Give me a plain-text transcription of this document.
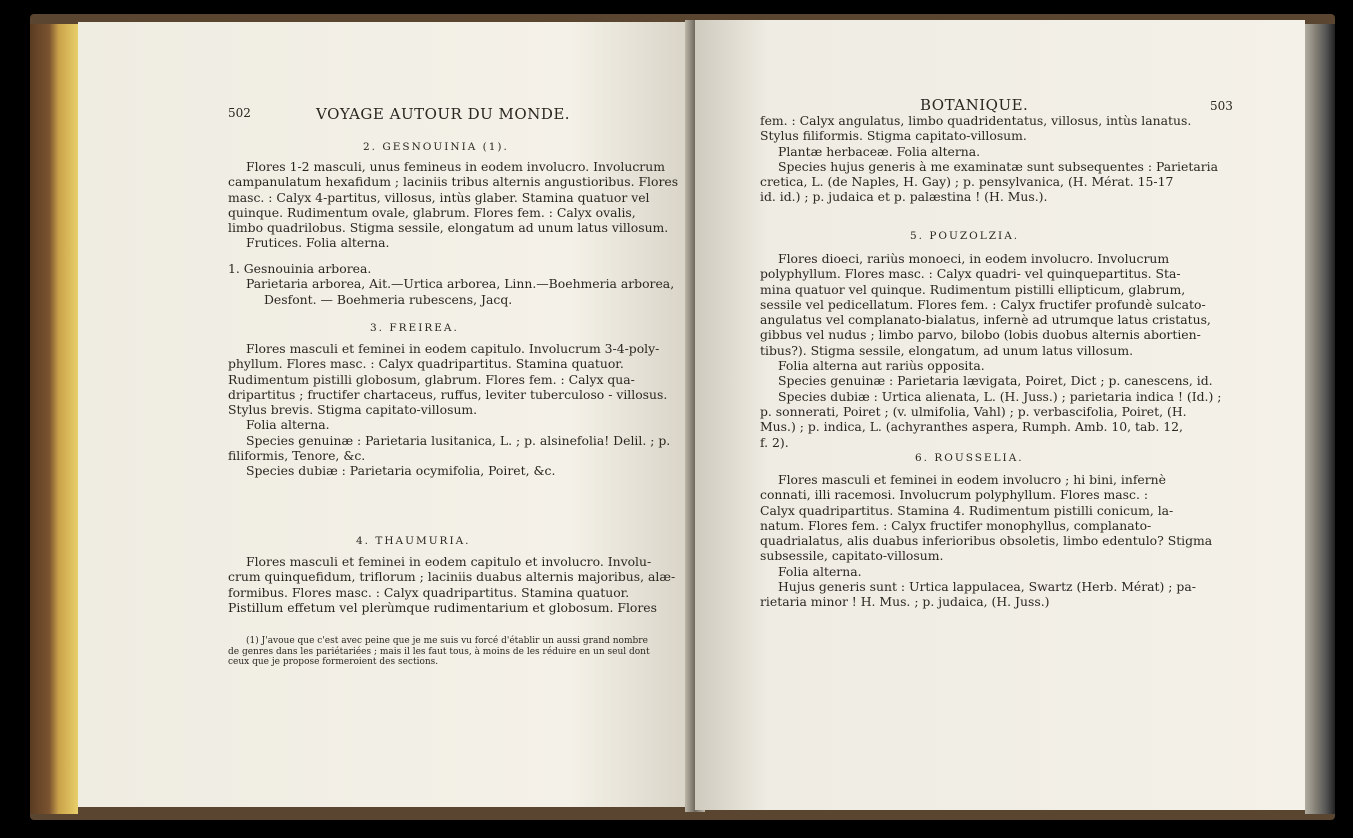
502	VOYAGE AUTOUR DU MONDE.
2. GESNOUINIA (1).
Flores 1-2 masculi, unus femineus in eodem involucro. Involucrum
campanulatum hexafidum ; laciniis tribus alternis angustioribus. Flores
masc. : Calyx 4-partitus, villosus, intùs glaber. Stamina quatuor vel
quinque. Rudimentum ovale, glabrum. Flores fem. : Calyx ovalis,
limbo quadrilobus. Stigma sessile, elongatum ad unum latus villosum.
Frutices. Folia alterna.
1. Gesnouinia arborea.
Parietaria arborea, Ait.—Urtica arborea, Linn.—Boehmeria arborea,
Desfont. — Boehmeria rubescens, Jacq.
3. FREIREA.
Flores masculi et feminei in eodem capitulo. Involucrum 3-4-poly-
phyllum. Flores masc. : Calyx quadripartitus. Stamina quatuor.
Rudimentum pistilli globosum, glabrum. Flores fem. : Calyx qua-
dripartitus ; fructifer chartaceus, ruffus, leviter tuberculoso - villosus.
Stylus brevis. Stigma capitato-villosum.
Folia alterna.
Species genuinæ : Parietaria lusitanica, L. ; p. alsinefolia! Delil. ; p.
filiformis, Tenore, &c.
Species dubiæ : Parietaria ocymifolia, Poiret, &c.
4. THAUMURIA.
Flores masculi et feminei in eodem capitulo et involucro. Involu-
crum quinquefidum, triflorum ; laciniis duabus alternis majoribus, alæ-
formibus. Flores masc. : Calyx quadripartitus. Stamina quatuor.
Pistillum effetum vel plerùmque rudimentarium et globosum. Flores
(1) J'avoue que c'est avec peine que je me suis vu forcé d'établir un aussi grand nombre
de genres dans les pariétariées ; mais il les faut tous, à moins de les réduire en un seul dont
ceux que je propose formeroient des sections.
BOTANIQUE.	503
fem. : Calyx angulatus, limbo quadridentatus, villosus, intùs lanatus.
Stylus filiformis. Stigma capitato-villosum.
Plantæ herbaceæ. Folia alterna.
Species hujus generis à me examinatæ sunt subsequentes : Parietaria
cretica, L. (de Naples, H. Gay) ; p. pensylvanica, (H. Mérat. 15-17
id. id.) ; p. judaica et p. palæstina ! (H. Mus.).
5. POUZOLZIA.
Flores dioeci, rariùs monoeci, in eodem involucro. Involucrum
polyphyllum. Flores masc. : Calyx quadri- vel quinquepartitus. Sta-
mina quatuor vel quinque. Rudimentum pistilli ellipticum, glabrum,
sessile vel pedicellatum. Flores fem. : Calyx fructifer profundè sulcato-
angulatus vel complanato-bialatus, infernè ad utrumque latus cristatus,
gibbus vel nudus ; limbo parvo, bilobo (lobis duobus alternis abortien-
tibus?). Stigma sessile, elongatum, ad unum latus villosum.
Folia alterna aut rariùs opposita.
Species genuinæ : Parietaria lævigata, Poiret, Dict ; p. canescens, id.
Species dubiæ : Urtica alienata, L. (H. Juss.) ; parietaria indica ! (Id.) ;
p. sonnerati, Poiret ; (v. ulmifolia, Vahl) ; p. verbascifolia, Poiret, (H.
Mus.) ; p. indica, L. (achyranthes aspera, Rumph. Amb. 10, tab. 12,
f. 2).
6. ROUSSELIA.
Flores masculi et feminei in eodem involucro ; hi bini, infernè
connati, illi racemosi. Involucrum polyphyllum. Flores masc. :
Calyx quadripartitus. Stamina 4. Rudimentum pistilli conicum, la-
natum. Flores fem. : Calyx fructifer monophyllus, complanato-
quadrialatus, alis duabus inferioribus obsoletis, limbo edentulo? Stigma
subsessile, capitato-villosum.
Folia alterna.
Hujus generis sunt : Urtica lappulacea, Swartz (Herb. Mérat) ; pa-
rietaria minor ! H. Mus. ; p. judaica, (H. Juss.)
